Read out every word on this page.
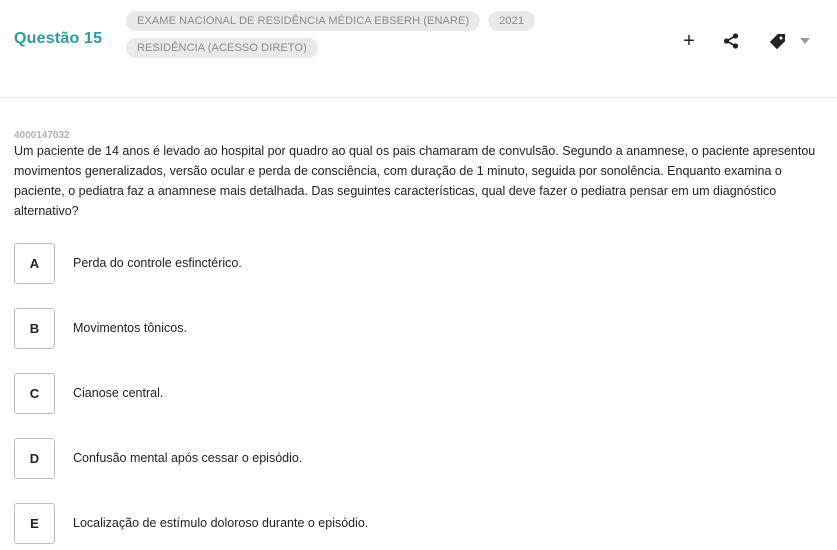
Questão 15
EXAME NACIONAL DE RESIDÊNCIA MÉDICA EBSERH (ENARE)	2021
RESIDÊNCIA (ACESSO DIRETO)	+
4000147032
Um paciente de 14 anos é levado ao hospital por quadro ao qual os pais chamaram de convulsão. Segundo a anamnese, o paciente apresentou movimentos generalizados, versão ocular e perda de consciência, com duração de 1 minuto, seguida por sonolência. Enquanto examina o paciente, o pediatra faz a anamnese mais detalhada. Das seguintes características, qual deve fazer o pediatra pensar em um diagnóstico alternativo?
A	Perda do controle esfinctérico.
B	Movimentos tônicos.
C	Cianose central.
D	Confusão mental após cessar o episódio.
E	Localização de estímulo doloroso durante o episódio.
